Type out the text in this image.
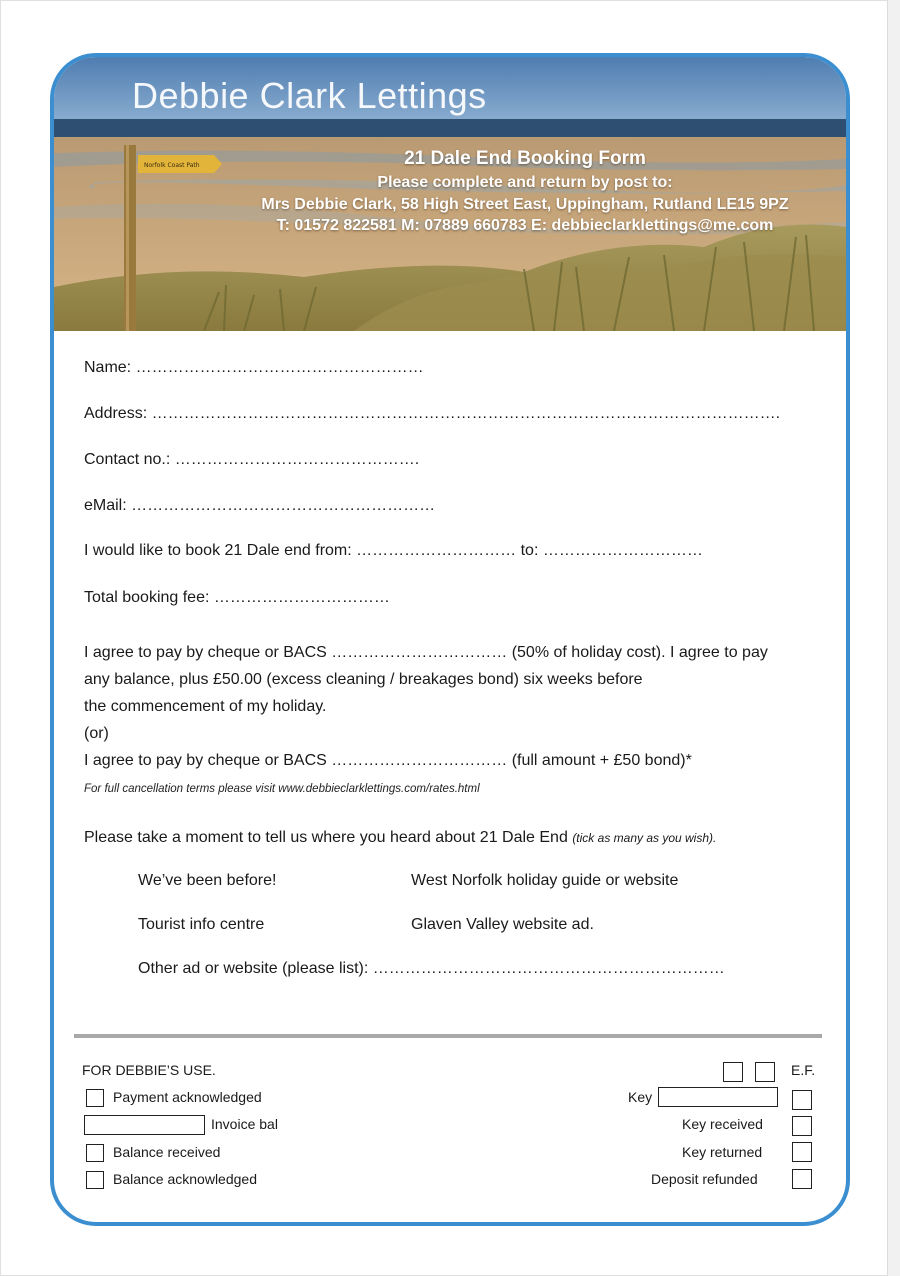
Norfolk Coast Path
Debbie Clark Lettings
21 Dale End Booking Form
Please complete and return by post to:
Mrs Debbie Clark, 58 High Street East, Uppingham, Rutland LE15 9PZ
T: 01572 822581 M: 07889 660783 E: debbieclarklettings@me.com
Name: ………………………………………………
Address: ……………………………………………………………………………………………………….
Contact no.: ……………………………………….
eMail: …………………………………………………
I would like to book 21 Dale end from: ………………………… to: …………………………
Total booking fee: ……………………………
I agree to pay by cheque or BACS …………………………… (50% of holiday cost). I agree to pay
any balance, plus £50.00 (excess cleaning / breakages bond) six weeks before
the commencement of my holiday.
(or)
I agree to pay by cheque or BACS …………………………… (full amount + £50 bond)*
For full cancellation terms please visit www.debbieclarklettings.com/rates.html
Please take a moment to tell us where you heard about 21 Dale End (tick as many as you wish).
We’ve been before!	West Norfolk holiday guide or website
Tourist info centre	Glaven Valley website ad.
Other ad or website (please list): …………………………………………………………
FOR DEBBIE’S USE.
Payment acknowledged
Invoice bal
Balance received
Balance acknowledged
E.F.
Key
Key received
Key returned
Deposit refunded
